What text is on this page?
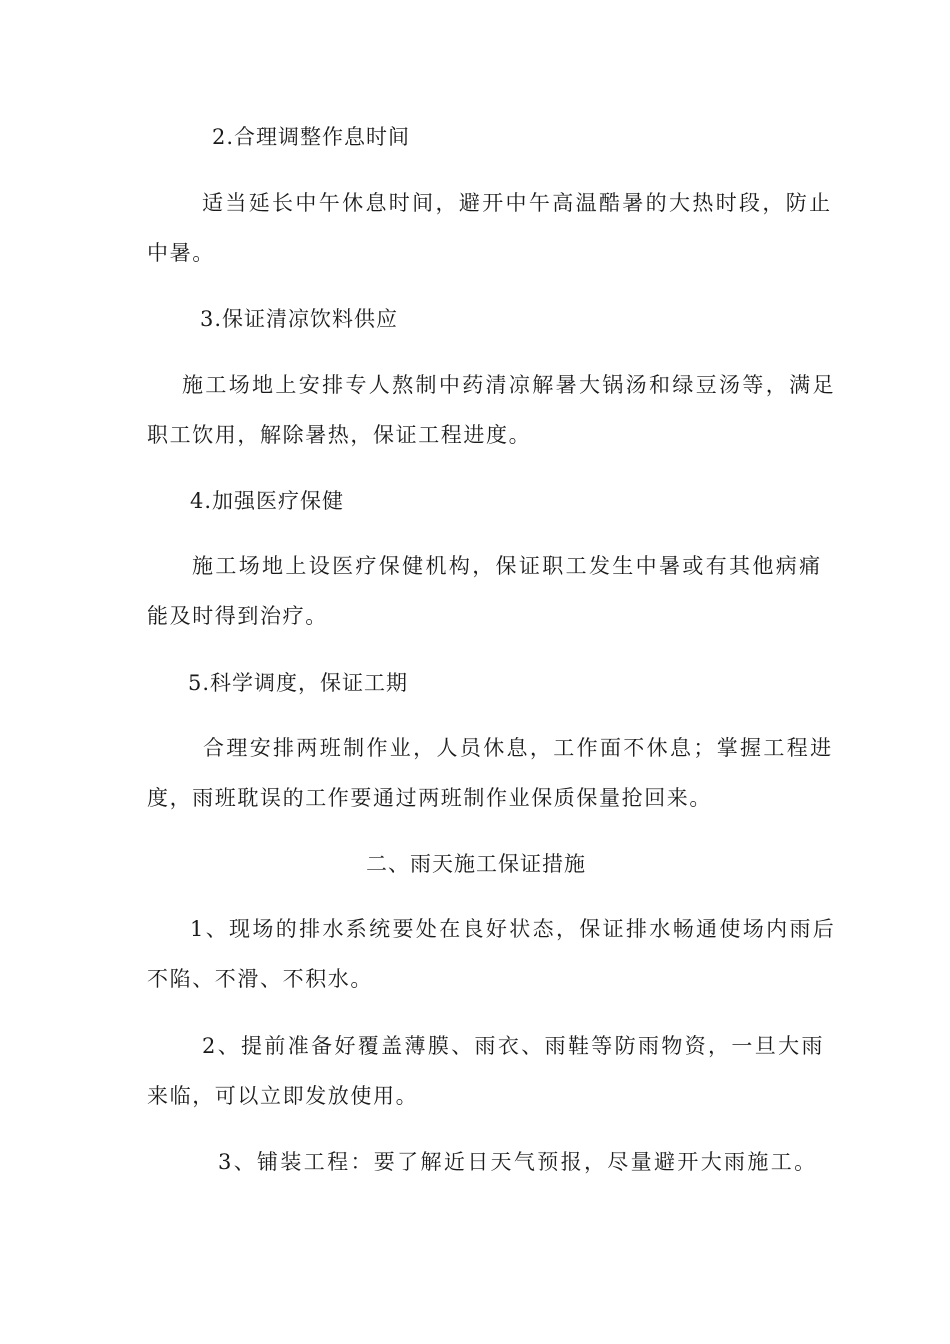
2.合理调整作息时间
适当延长中午休息时间，避开中午高温酷暑的大热时段，防止
中暑。
3.保证清凉饮料供应
施工场地上安排专人熬制中药清凉解暑大锅汤和绿豆汤等，满足
职工饮用，解除暑热，保证工程进度。
4.加强医疗保健
施工场地上设医疗保健机构，保证职工发生中暑或有其他病痛
能及时得到治疗。
5.科学调度，保证工期
合理安排两班制作业，人员休息，工作面不休息；掌握工程进
度，雨班耽误的工作要通过两班制作业保质保量抢回来。
二、雨天施工保证措施
1、现场的排水系统要处在良好状态，保证排水畅通使场内雨后
不陷、不滑、不积水。
2、提前准备好覆盖薄膜、雨衣、雨鞋等防雨物资，一旦大雨
来临，可以立即发放使用。
3、铺装工程：要了解近日天气预报，尽量避开大雨施工。
